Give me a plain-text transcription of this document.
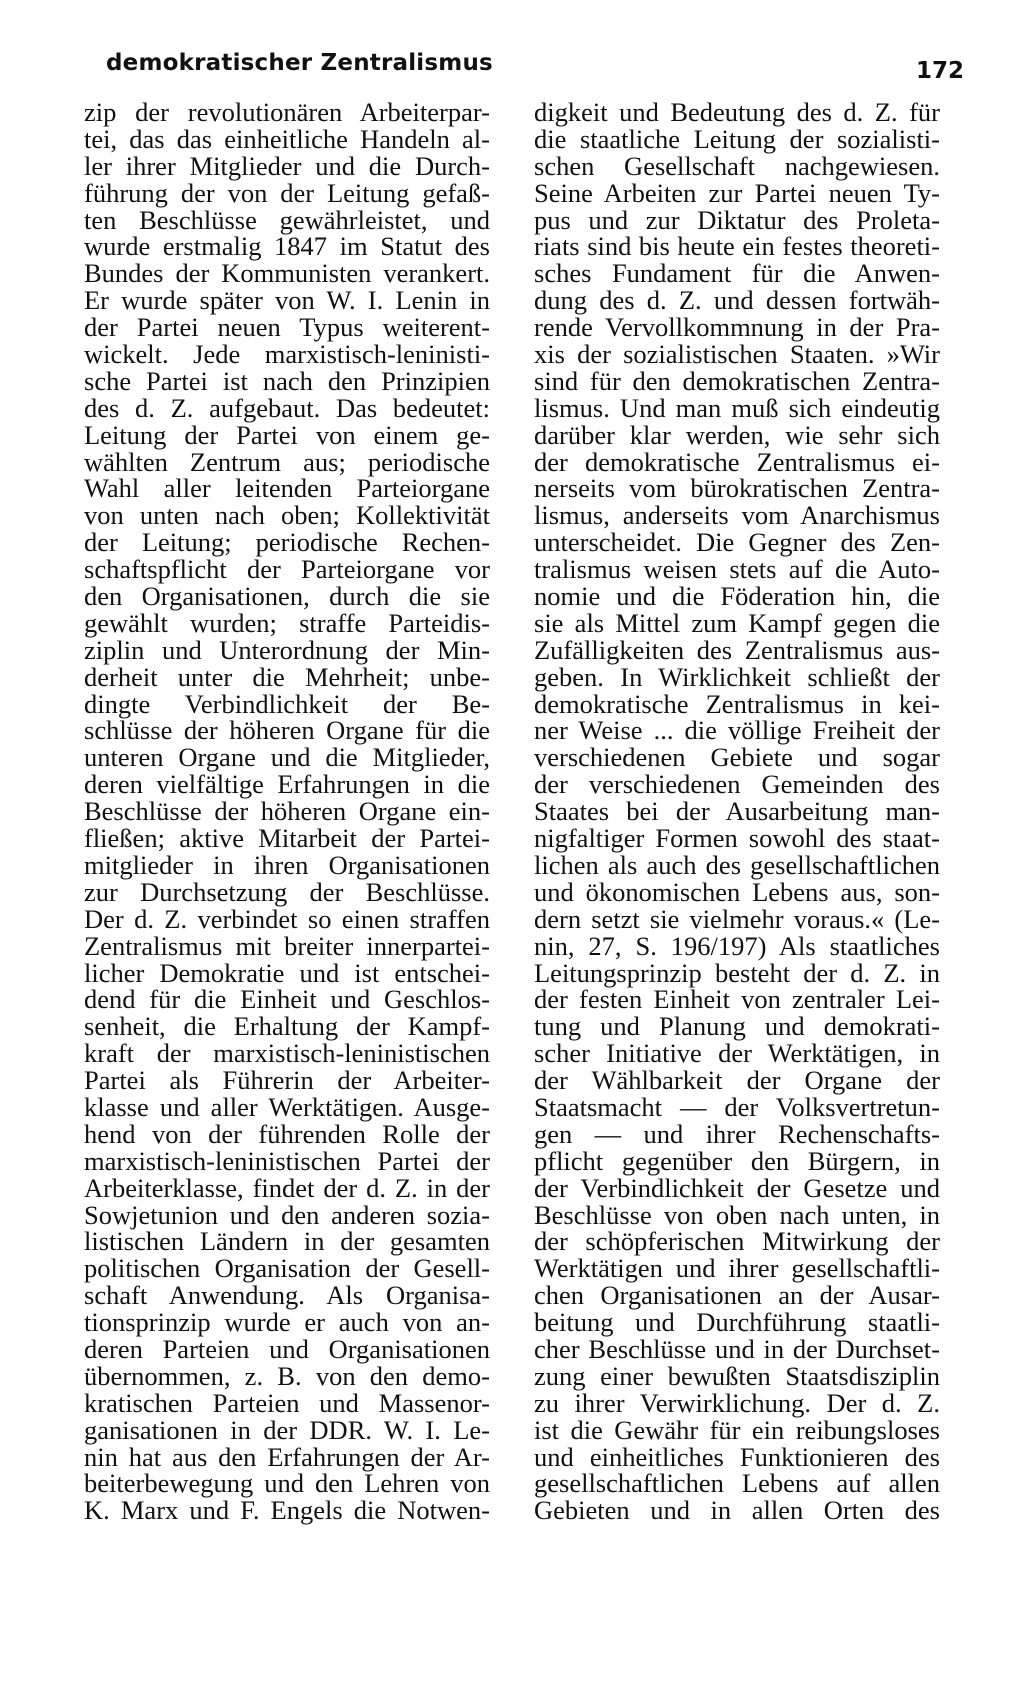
demokratischer Zentralismus	172
zip der revolutionären Arbeiterpar-
tei, das das einheitliche Handeln al-
ler ihrer Mitglieder und die Durch-
führung der von der Leitung gefaß-
ten Beschlüsse gewährleistet, und
wurde erstmalig 1847 im Statut des
Bundes der Kommunisten verankert.
Er wurde später von W. I. Lenin in
der Partei neuen Typus weiterent-
wickelt. Jede marxistisch-leninisti-
sche Partei ist nach den Prinzipien
des d. Z. aufgebaut. Das bedeutet:
Leitung der Partei von einem ge-
wählten Zentrum aus; periodische
Wahl aller leitenden Parteiorgane
von unten nach oben; Kollektivität
der Leitung; periodische Rechen-
schaftspflicht der Parteiorgane vor
den Organisationen, durch die sie
gewählt wurden; straffe Parteidis-
ziplin und Unterordnung der Min-
derheit unter die Mehrheit; unbe-
dingte Verbindlichkeit der Be-
schlüsse der höheren Organe für die
unteren Organe und die Mitglieder,
deren vielfältige Erfahrungen in die
Beschlüsse der höheren Organe ein-
fließen; aktive Mitarbeit der Partei-
mitglieder in ihren Organisationen
zur Durchsetzung der Beschlüsse.
Der d. Z. verbindet so einen straffen
Zentralismus mit breiter innerpartei-
licher Demokratie und ist entschei-
dend für die Einheit und Geschlos-
senheit, die Erhaltung der Kampf-
kraft der marxistisch-leninistischen
Partei als Führerin der Arbeiter-
klasse und aller Werktätigen. Ausge-
hend von der führenden Rolle der
marxistisch-leninistischen Partei der
Arbeiterklasse, findet der d. Z. in der
Sowjetunion und den anderen sozia-
listischen Ländern in der gesamten
politischen Organisation der Gesell-
schaft Anwendung. Als Organisa-
tionsprinzip wurde er auch von an-
deren Parteien und Organisationen
übernommen, z. B. von den demo-
kratischen Parteien und Massenor-
ganisationen in der DDR. W. I. Le-
nin hat aus den Erfahrungen der Ar-
beiterbewegung und den Lehren von
K. Marx und F. Engels die Notwen-
digkeit und Bedeutung des d. Z. für
die staatliche Leitung der sozialisti-
schen Gesellschaft nachgewiesen.
Seine Arbeiten zur Partei neuen Ty-
pus und zur Diktatur des Proleta-
riats sind bis heute ein festes theoreti-
sches Fundament für die Anwen-
dung des d. Z. und dessen fortwäh-
rende Vervollkommnung in der Pra-
xis der sozialistischen Staaten. »Wir
sind für den demokratischen Zentra-
lismus. Und man muß sich eindeutig
darüber klar werden, wie sehr sich
der demokratische Zentralismus ei-
nerseits vom bürokratischen Zentra-
lismus, anderseits vom Anarchismus
unterscheidet. Die Gegner des Zen-
tralismus weisen stets auf die Auto-
nomie und die Föderation hin, die
sie als Mittel zum Kampf gegen die
Zufälligkeiten des Zentralismus aus-
geben. In Wirklichkeit schließt der
demokratische Zentralismus in kei-
ner Weise ... die völlige Freiheit der
verschiedenen Gebiete und sogar
der verschiedenen Gemeinden des
Staates bei der Ausarbeitung man-
nigfaltiger Formen sowohl des staat-
lichen als auch des gesellschaftlichen
und ökonomischen Lebens aus, son-
dern setzt sie vielmehr voraus.« (Le-
nin, 27, S. 196/197) Als staatliches
Leitungsprinzip besteht der d. Z. in
der festen Einheit von zentraler Lei-
tung und Planung und demokrati-
scher Initiative der Werktätigen, in
der Wählbarkeit der Organe der
Staatsmacht — der Volksvertretun-
gen — und ihrer Rechenschafts-
pflicht gegenüber den Bürgern, in
der Verbindlichkeit der Gesetze und
Beschlüsse von oben nach unten, in
der schöpferischen Mitwirkung der
Werktätigen und ihrer gesellschaftli-
chen Organisationen an der Ausar-
beitung und Durchführung staatli-
cher Beschlüsse und in der Durchset-
zung einer bewußten Staatsdisziplin
zu ihrer Verwirklichung. Der d. Z.
ist die Gewähr für ein reibungsloses
und einheitliches Funktionieren des
gesellschaftlichen Lebens auf allen
Gebieten und in allen Orten des
